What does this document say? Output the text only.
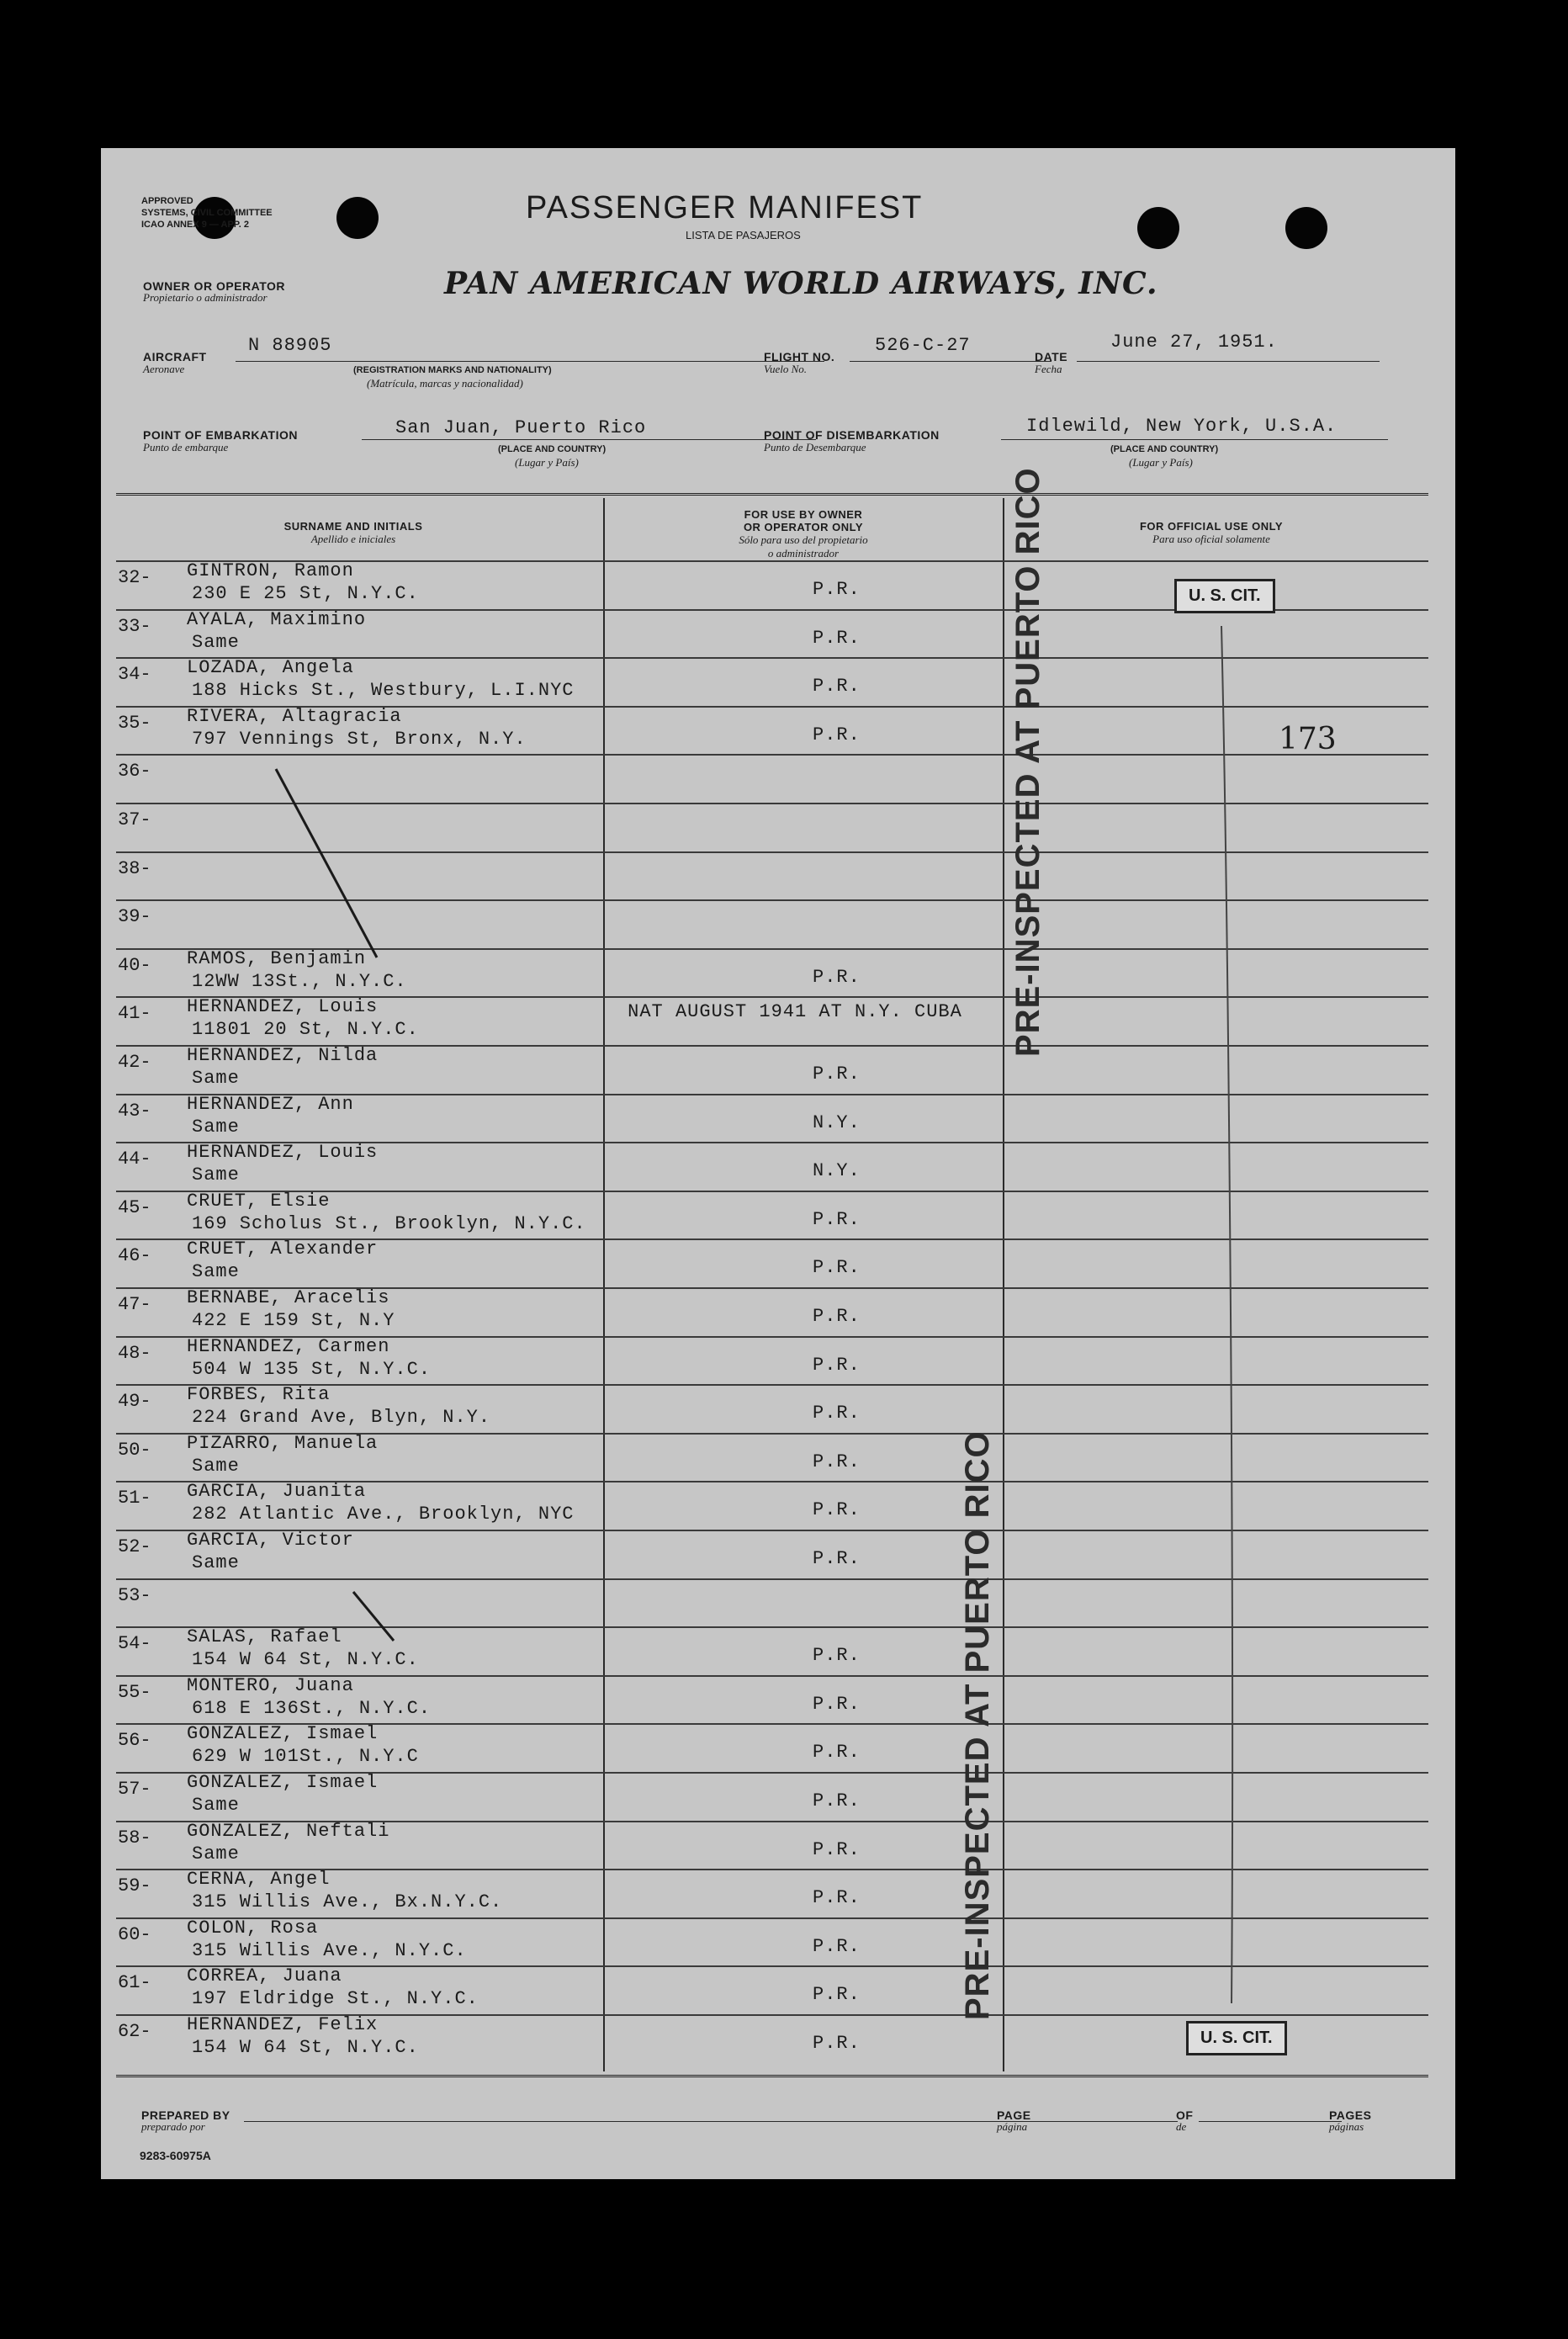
APPROVED
SYSTEMS, CIVIL COMMITTEE
ICAO ANNEX 9 — APP. 2	PASSENGER MANIFEST
LISTA DE PASAJEROS
OWNER OR OPERATOR
Propietario o administrador	PAN AMERICAN WORLD AIRWAYS, INC.
AIRCRAFT
Aeronave
N 88905
(REGISTRATION MARKS AND NATIONALITY)
(Matrícula, marcas y nacionalidad)
FLIGHT NO.
Vuelo No.
526-C-27
DATE
Fecha
June 27, 1951.
POINT OF EMBARKATION
Punto de embarque
San Juan, Puerto Rico
(PLACE AND COUNTRY)
(Lugar y País)
POINT OF DISEMBARKATION
Punto de Desembarque
Idlewild, New York, U.S.A.
(PLACE AND COUNTRY)
(Lugar y País)
SURNAME AND INITIALS
Apellido e iniciales
FOR USE BY OWNER
OR OPERATOR ONLY
Sólo para uso del propietario
o administrador
FOR OFFICIAL USE ONLY
Para uso oficial solamente
32- GINTRON, Ramon
230 E 25 St, N.Y.C.	P.R.
33- AYALA, Maximino
Same	P.R.
34- LOZADA, Angela
188 Hicks St., Westbury, L.I.NYC	P.R.
35- RIVERA, Altagracia
797 Vennings St, Bronx, N.Y.	P.R.
36-
37-
38-
39-
40- RAMOS, Benjamin
12WW 13St., N.Y.C.	P.R.
41- HERNANDEZ, Louis
11801 20 St, N.Y.C.
NAT AUGUST 1941 AT N.Y. CUBA
42- HERNANDEZ, Nilda
Same	P.R.
43- HERNANDEZ, Ann
Same	N.Y.
44- HERNANDEZ, Louis
Same	N.Y.
45- CRUET, Elsie
169 Scholus St., Brooklyn, N.Y.C.	P.R.
46- CRUET, Alexander
Same	P.R.
47- BERNABE, Aracelis
422 E 159 St, N.Y	P.R.
48- HERNANDEZ, Carmen
504 W 135 St, N.Y.C.	P.R.
49- FORBES, Rita
224 Grand Ave, Blyn, N.Y.	P.R.
50- PIZARRO, Manuela
Same	P.R.
51- GARCIA, Juanita
282 Atlantic Ave., Brooklyn, NYC	P.R.
52- GARCIA, Victor
Same	P.R.
53-
54- SALAS, Rafael
154 W 64 St, N.Y.C.	P.R.
55- MONTERO, Juana
618 E 136St., N.Y.C.	P.R.
56- GONZALEZ, Ismael
629 W 101St., N.Y.C	P.R.
57- GONZALEZ, Ismael
Same	P.R.
58- GONZALEZ, Neftali
Same	P.R.
59- CERNA, Angel
315 Willis Ave., Bx.N.Y.C.	P.R.
60- COLON, Rosa
315 Willis Ave., N.Y.C.	P.R.
61- CORREA, Juana
197 Eldridge St., N.Y.C.	P.R.
62- HERNANDEZ, Felix
154 W 64 St, N.Y.C.	P.R.
PRE-INSPECTED AT PUERTO RICO
PRE-INSPECTED AT PUERTO RICO
U. S. CIT.
U. S. CIT.
173
PREPARED BY
preparado por
PAGE
página
OF
de
PAGES
páginas
9283-60975A
